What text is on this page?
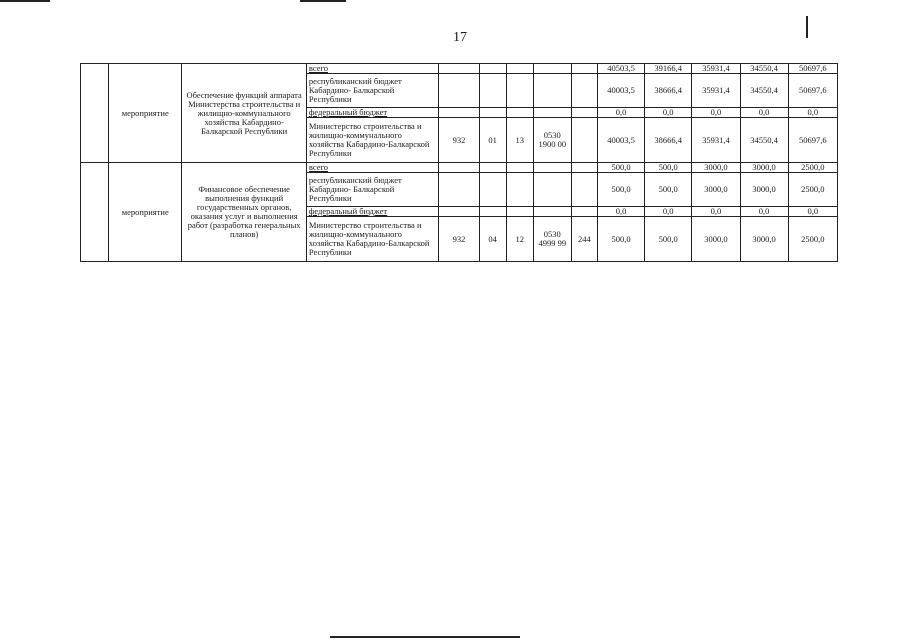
17
	мероприятие	Обеспечение функций аппарата Министерства строительства и жилищно-коммунального хозяйства Кабардино-Балкарской Республики	всего						40503,5	39166,4	35931,4	34550,4	50697,6
			республиканский бюджет Кабардино- Балкарской Республики						40003,5	38666,4	35931,4	34550,4	50697,6
			федеральный бюджет						0,0	0,0	0,0	0,0	0,0
			Министерство строительства и жилищно-коммунального хозяйства Кабардино-Балкарской Республики	932	01	13	0530 1900 00		40003,5	38666,4	35931,4	34550,4	50697,6
	мероприятие	Финансовое обеспечение выполнения функций государственных органов, оказания услуг и выполнения работ (разработка генеральных планов)	всего						500,0	500,0	3000,0	3000,0	2500,0
			республиканский бюджет Кабардино- Балкарской Республики						500,0	500,0	3000,0	3000,0	2500,0
			федеральный бюджет						0,0	0,0	0,0	0,0	0,0
			Министерство строительства и жилищно-коммунального хозяйства Кабардино-Балкарской Республики	932	04	12	0530 4999 99	244	500,0	500,0	3000,0	3000,0	2500,0
